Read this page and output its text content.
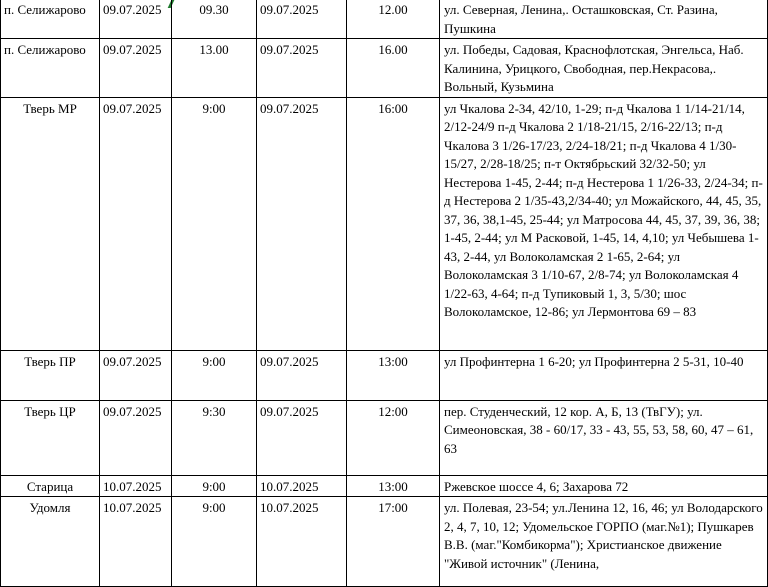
п. Селижарово	09.07.2025	09.30	09.07.2025	12.00	ул. Северная, Ленина,. Осташковская, Ст. Разина, Пушкина
п. Селижарово	09.07.2025	13.00	09.07.2025	16.00	ул. Победы, Садовая, Краснофлотская, Энгельса, Наб. Калинина, Урицкого, Свободная, пер.Некрасова,. Вольный, Кузьмина
Тверь МР	09.07.2025	9:00	09.07.2025	16:00	ул Чкалова 2-34, 42/10, 1-29; п-д Чкалова 1 1/14-21/14, 2/12-24/9 п-д Чкалова 2 1/18-21/15, 2/16-22/13; п-д Чкалова 3 1/26-17/23, 2/24-18/21; п-д Чкалова 4 1/30-15/27, 2/28-18/25; п-т Октябрьский 32/32-50; ул Нестерова 1-45, 2-44; п-д Нестерова 1 1/26-33, 2/24-34; п-д Нестерова 2 1/35-43,2/34-40; ул Можайского, 44, 45, 35, 37, 36, 38,1-45, 25-44; ул Матросова 44, 45, 37, 39, 36, 38; 1-45, 2-44; ул М Расковой, 1-45, 14, 4,10; ул Чебышева 1-43, 2-44, ул Волоколамская 2 1-65, 2-64; ул Волоколамская 3 1/10-67, 2/8-74; ул Волоколамская 4 1/22-63, 4-64; п-д Тупиковый 1, 3, 5/30; шос Волоколамское, 12-86; ул Лермонтова 69 – 83
Тверь ПР	09.07.2025	9:00	09.07.2025	13:00	ул Профинтерна 1 6-20; ул Профинтерна 2 5-31, 10-40
Тверь ЦР	09.07.2025	9:30	09.07.2025	12:00	пер. Студенческий, 12 кор. А, Б, 13 (ТвГУ); ул. Симеоновская, 38 - 60/17, 33 - 43, 55, 53, 58, 60, 47 – 61, 63
Старица	10.07.2025	9:00	10.07.2025	13:00	Ржевское шоссе 4, 6; Захарова 72
Удомля	10.07.2025	9:00	10.07.2025	17:00	ул. Полевая, 23-54; ул.Ленина 12, 16, 46; ул Володарского 2, 4, 7, 10, 12; Удомельское ГОРПО (маг.№1); Пушкарев В.В. (маг."Комбикорма"); Христианское движение "Живой источник" (Ленина,
